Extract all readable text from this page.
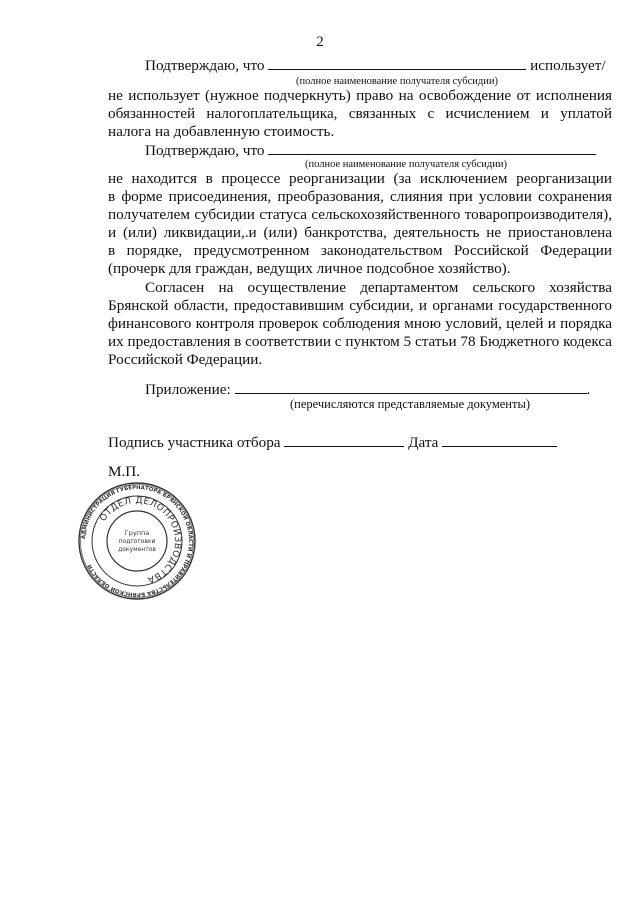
2
Подтверждаю, что	использует/
(полное наименование получателя субсидии)
не использует (нужное подчеркнуть) право на освобождение от исполнения
обязанностей налогоплательщика, связанных с исчислением и уплатой
налога на добавленную стоимость.
Подтверждаю, что
(полное наименование получателя субсидии)
не находится в процессе реорганизации (за исключением реорганизации
в форме присоединения, преобразования, слияния при условии сохранения
получателем субсидии статуса сельскохозяйственного товаропроизводителя),
и (или) ликвидации,.и (или) банкротства, деятельность не приостановлена
в порядке, предусмотренном законодательством Российской Федерации
(прочерк для граждан, ведущих личное подсобное хозяйство).
Согласен на осуществление департаментом сельского хозяйства
Брянской области, предоставившим субсидии, и органами государственного
финансового контроля проверок соблюдения мною условий, целей и порядка
их предоставления в соответствии с пунктом 5 статьи 78 Бюджетного кодекса
Российской Федерации.
Приложение:	.
(перечисляются представляемые документы)
Подпись участника отбора	Дата
М.П.
АДМИНИСТРАЦИЯ ГУБЕРНАТОРА БРЯНСКОЙ ОБЛАСТИ И ПРАВИТЕЛЬСТВА БРЯНСКОЙ ОБЛАСТИ
ОТДЕЛ ДЕЛОПРОИЗВОДСТВА
Группа
подготовки
документов
